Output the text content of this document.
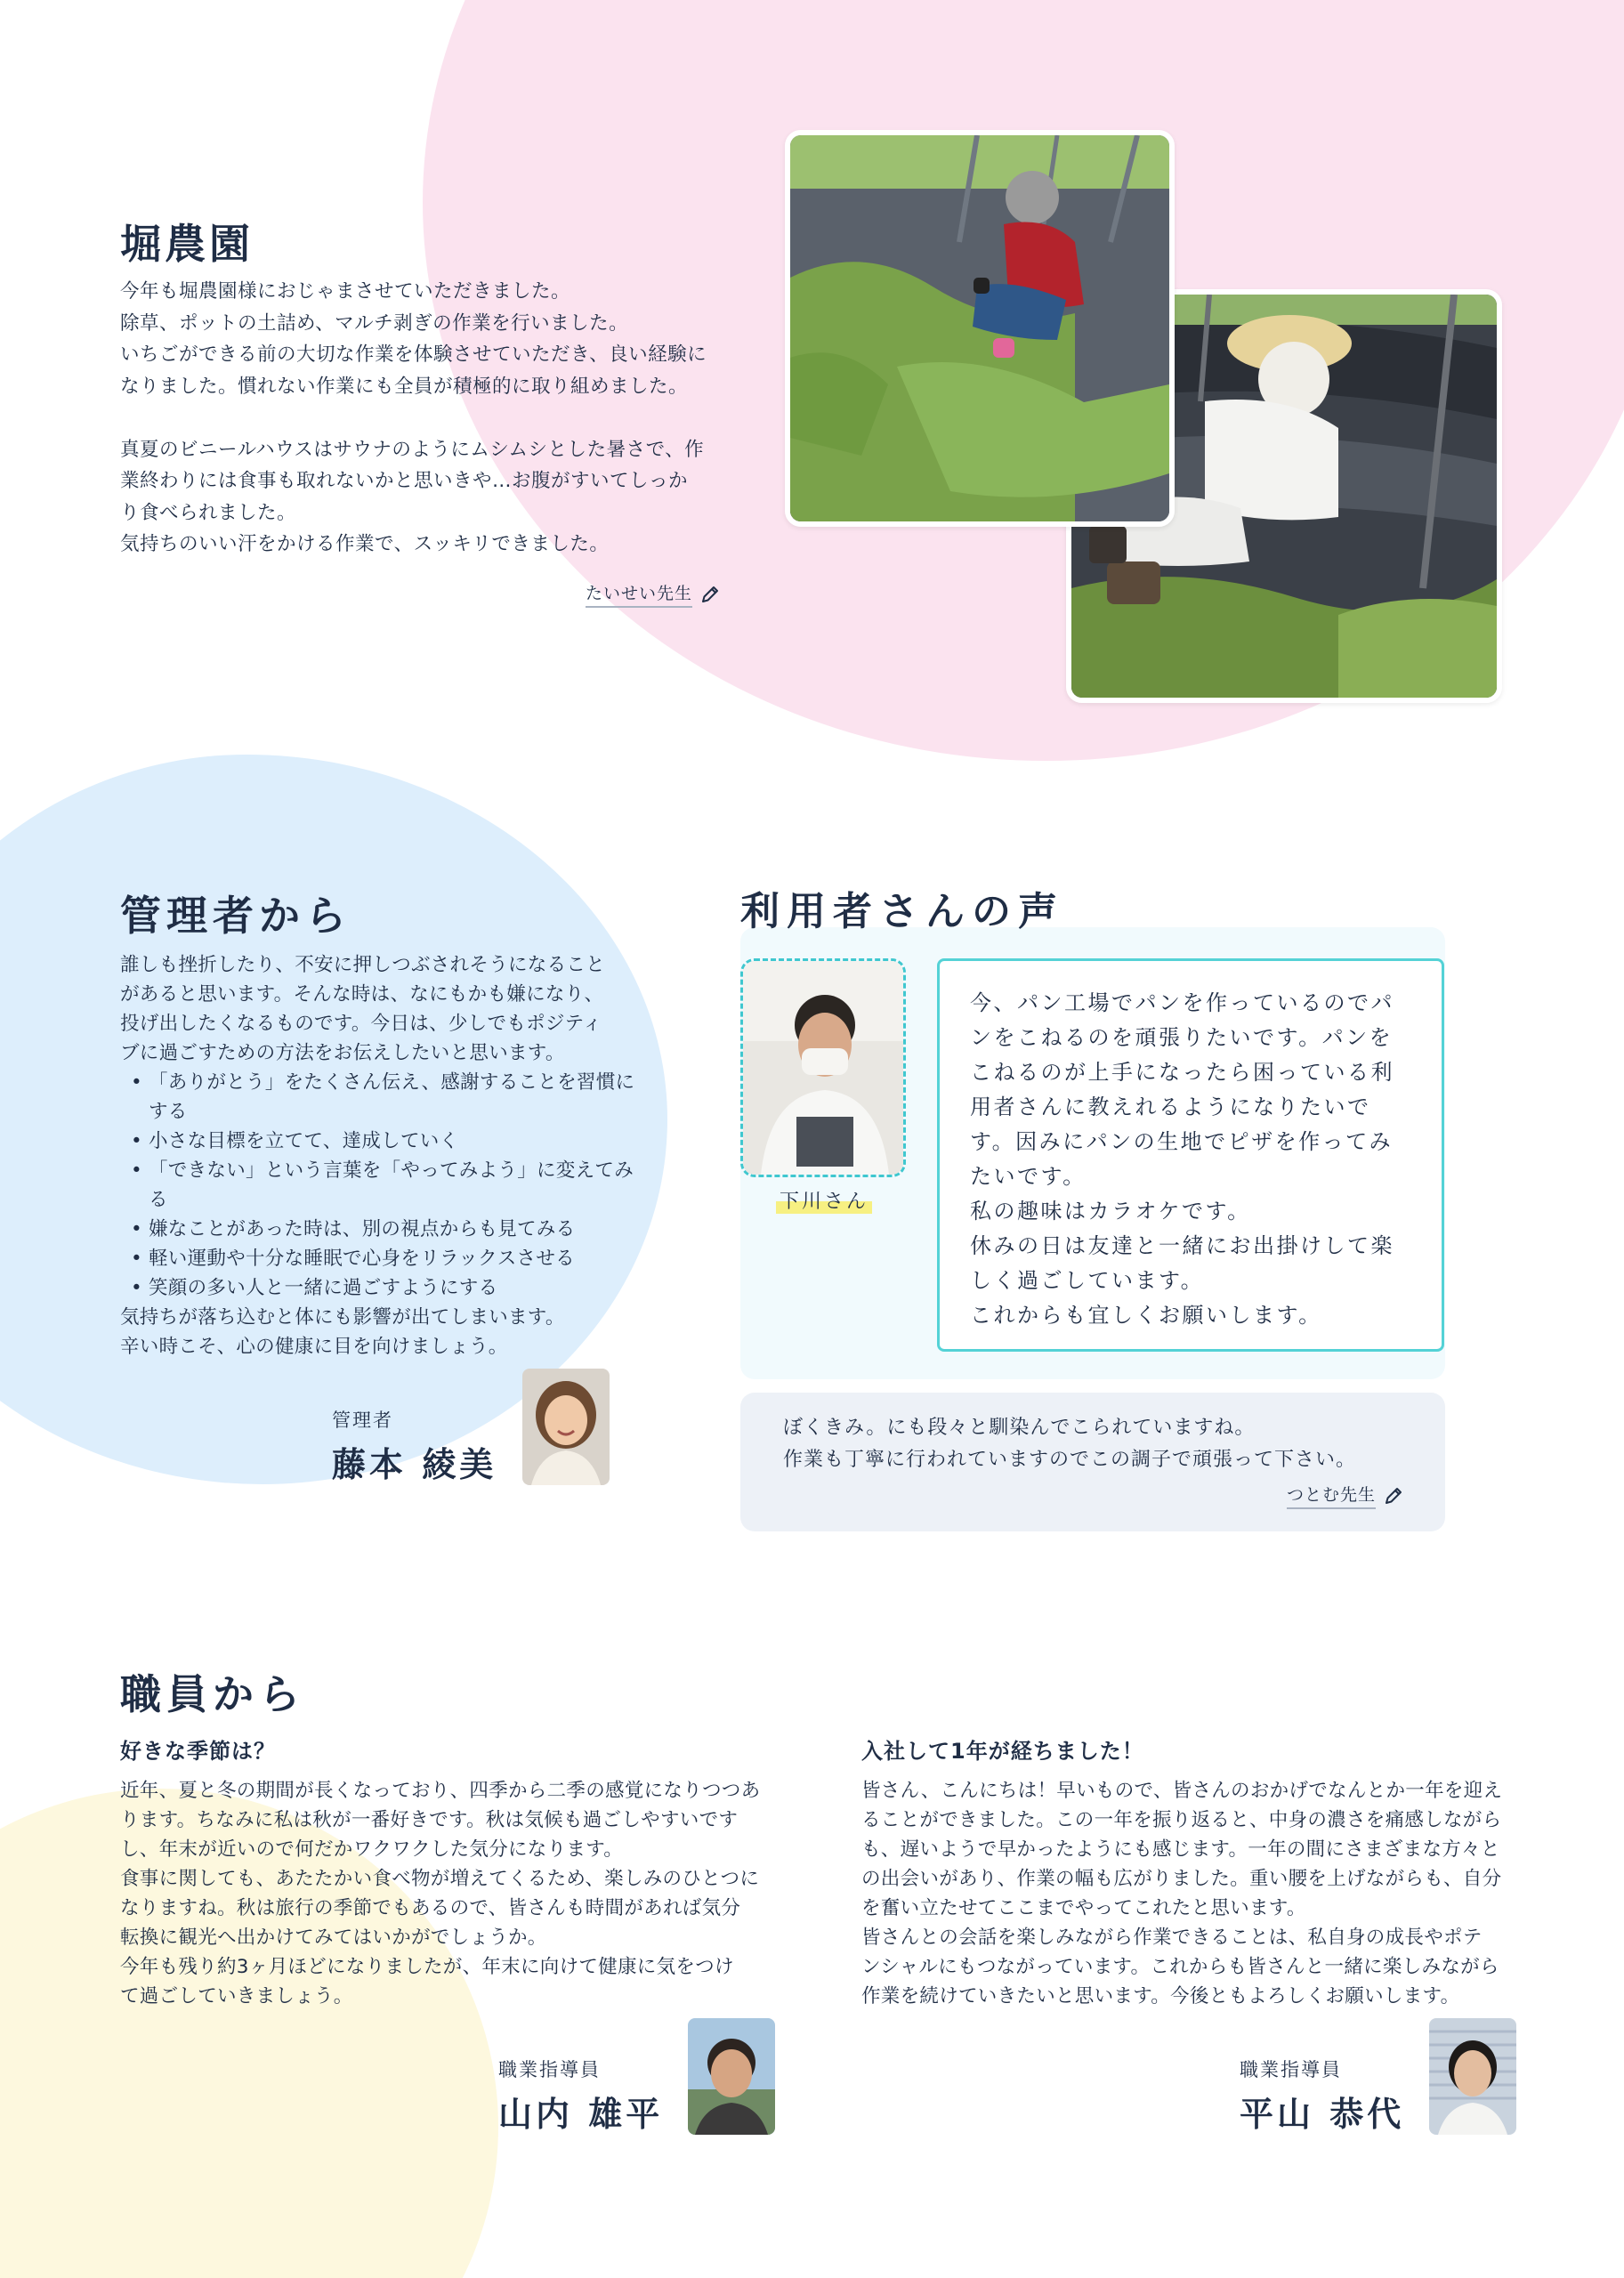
堀農園

今年も堀農園様におじゃまさせていただきました。
除草、ポットの土詰め、マルチ剥ぎの作業を行いました。
いちごができる前の大切な作業を体験させていただき、良い経験に
なりました。慣れない作業にも全員が積極的に取り組めました。

真夏のビニールハウスはサウナのようにムシムシとした暑さで、作
業終わりには食事も取れないかと思いきや…お腹がすいてしっか
り食べられました。
気持ちのいい汗をかける作業で、スッキリできました。

たいせい先生
管理者から

誰しも挫折したり、不安に押しつぶされそうになること
があると思います。そんな時は、なにもかも嫌になり、
投げ出したくなるものです。今日は、少しでもポジティ
ブに過ごすための方法をお伝えしたいと思います。

• 「ありがとう」をたくさん伝え、感謝することを習慣にする
• 小さな目標を立てて、達成していく
• 「できない」という言葉を「やってみよう」に変えてみる
• 嫌なことがあった時は、別の視点からも見てみる
• 軽い運動や十分な睡眠で心身をリラックスさせる
• 笑顔の多い人と一緒に過ごすようにする

気持ちが落ち込むと体にも影響が出てしまいます。
辛い時こそ、心の健康に目を向けましょう。

管理者
藤本 綾美
利用者さんの声
下川さん
今、パン工場でパンを作っているのでパ
ンをこねるのを頑張りたいです。パンを
こねるのが上手になったら困っている利
用者さんに教えれるようになりたいで
す。因みにパンの生地でピザを作ってみ
たいです。
私の趣味はカラオケです。
休みの日は友達と一緒にお出掛けして楽
しく過ごしています。
これからも宜しくお願いします。

ぼくきみ。にも段々と馴染んでこられていますね。
作業も丁寧に行われていますのでこの調子で頑張って下さい。

つとむ先生
職員から
好きな季節は？

近年、夏と冬の期間が長くなっており、四季から二季の感覚になりつつあ
ります。ちなみに私は秋が一番好きです。秋は気候も過ごしやすいです
し、年末が近いので何だかワクワクした気分になります。
食事に関しても、あたたかい食べ物が増えてくるため、楽しみのひとつに
なりますね。秋は旅行の季節でもあるので、皆さんも時間があれば気分
転換に観光へ出かけてみてはいかがでしょうか。
今年も残り約3ヶ月ほどになりましたが、年末に向けて健康に気をつけ
て過ごしていきましょう。

職業指導員
山内 雄平
入社して1年が経ちました！

皆さん、こんにちは！早いもので、皆さんのおかげでなんとか一年を迎え
ることができました。この一年を振り返ると、中身の濃さを痛感しながら
も、遅いようで早かったようにも感じます。一年の間にさまざまな方々と
の出会いがあり、作業の幅も広がりました。重い腰を上げながらも、自分
を奮い立たせてここまでやってこれたと思います。
皆さんとの会話を楽しみながら作業できることは、私自身の成長やポテ
ンシャルにもつながっています。これからも皆さんと一緒に楽しみながら
作業を続けていきたいと思います。今後ともよろしくお願いします。

職業指導員
平山 恭代
